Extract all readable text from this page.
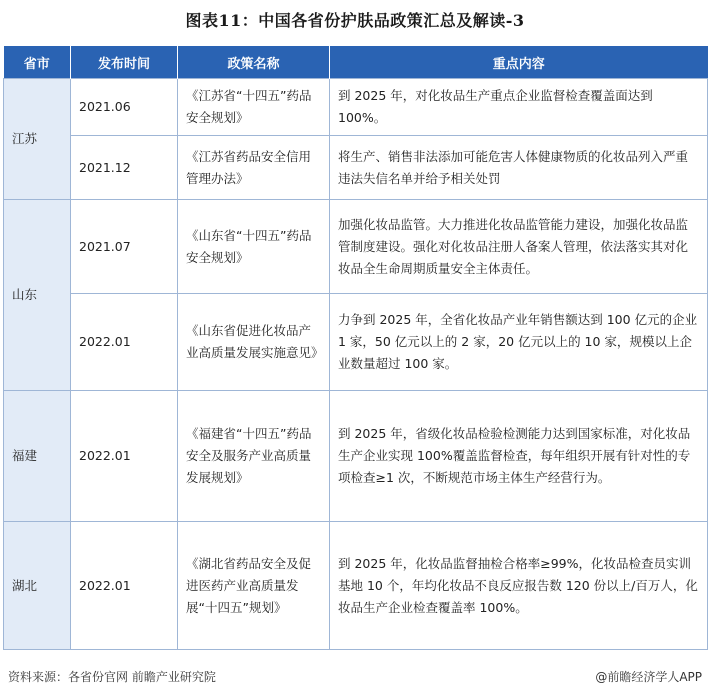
图表11：中国各省份护肤品政策汇总及解读-3
省市	发布时间	政策名称	重点内容
江苏	2021.06	《江苏省“十四五”药品安全规划》	到 2025 年，对化妆品生产重点企业监督检查覆盖面达到 100%。
	2021.12	《江苏省药品安全信用管理办法》	将生产、销售非法添加可能危害人体健康物质的化妆品列入严重违法失信名单并给予相关处罚
山东	2021.07	《山东省“十四五”药品安全规划》	加强化妆品监管。大力推进化妆品监管能力建设，加强化妆品监管制度建设。强化对化妆品注册人备案人管理，依法落实其对化妆品全生命周期质量安全主体责任。
	2022.01	《山东省促进化妆品产业高质量发展实施意见》	力争到 2025 年，全省化妆品产业年销售额达到 100 亿元的企业 1 家，50 亿元以上的 2 家，20 亿元以上的 10 家，规模以上企业数量超过 100 家。
福建	2022.01	《福建省“十四五”药品安全及服务产业高质量发展规划》	到 2025 年，省级化妆品检验检测能力达到国家标准，对化妆品生产企业实现 100%覆盖监督检查，每年组织开展有针对性的专项检查≥1 次，不断规范市场主体生产经营行为。
湖北	2022.01	《湖北省药品安全及促进医药产业高质量发展“十四五”规划》	到 2025 年，化妆品监督抽检合格率≥99%，化妆品检查员实训基地 10 个，年均化妆品不良反应报告数 120 份以上/百万人，化妆品生产企业检查覆盖率 100%。
资料来源：各省份官网 前瞻产业研究院	@前瞻经济学人APP
